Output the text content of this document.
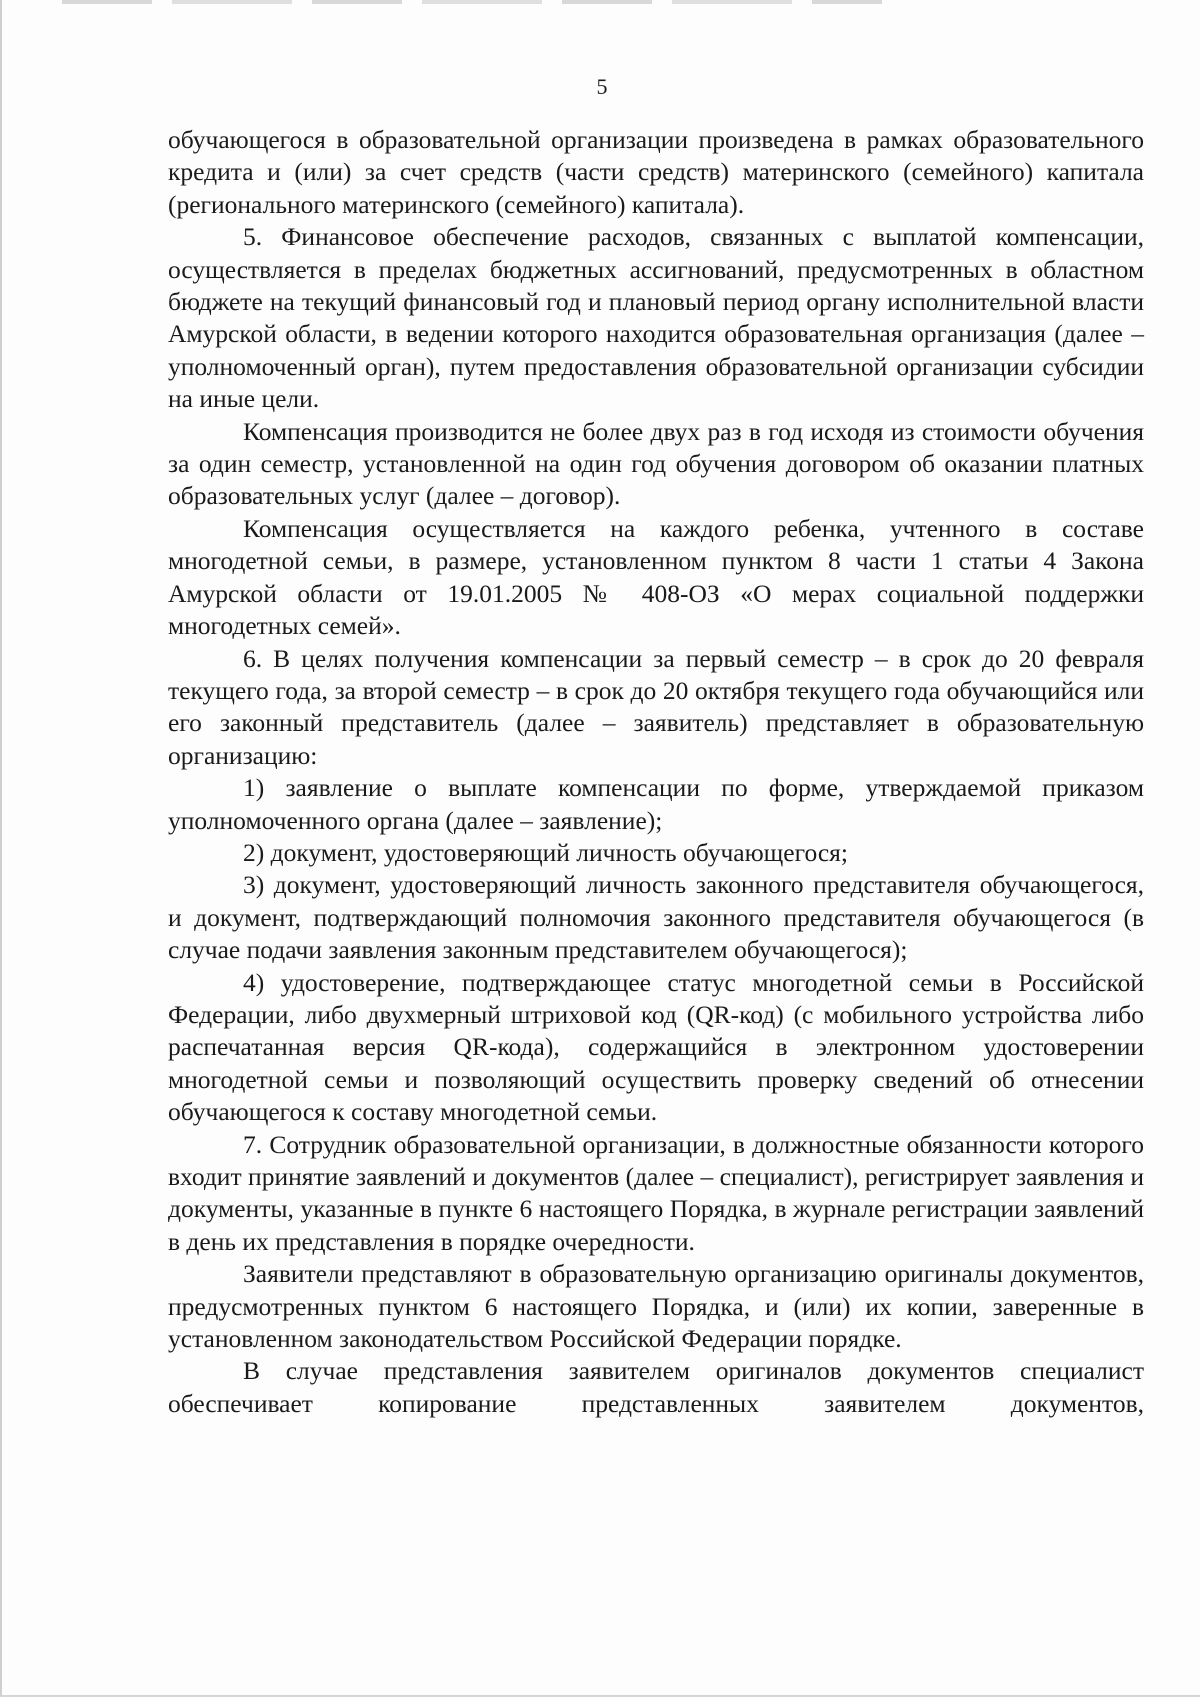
5

обучающегося в образовательной организации произведена в рамках образовательного кредита и (или) за счет средств (части средств) материнского (семейного) капитала (регионального материнского (семейного) капитала).

5. Финансовое обеспечение расходов, связанных с выплатой компенсации, осуществляется в пределах бюджетных ассигнований, предусмотренных в областном бюджете на текущий финансовый год и плановый период органу исполнительной власти Амурской области, в ведении которого находится образовательная организация (далее – уполномоченный орган), путем предоставления образовательной организации субсидии на иные цели.

Компенсация производится не более двух раз в год исходя из стоимости обучения за один семестр, установленной на один год обучения договором об оказании платных образовательных услуг (далее – договор).

Компенсация осуществляется на каждого ребенка, учтенного в составе многодетной семьи, в размере, установленном пунктом 8 части 1 статьи 4 Закона Амурской области от 19.01.2005 № 408-ОЗ «О мерах социальной поддержки многодетных семей».

6. В целях получения компенсации за первый семестр – в срок до 20 февраля текущего года, за второй семестр – в срок до 20 октября текущего года обучающийся или его законный представитель (далее – заявитель) представляет в образовательную организацию:

1) заявление о выплате компенсации по форме, утверждаемой приказом уполномоченного органа (далее – заявление);

2) документ, удостоверяющий личность обучающегося;

3) документ, удостоверяющий личность законного представителя обучающегося, и документ, подтверждающий полномочия законного представителя обучающегося (в случае подачи заявления законным представителем обучающегося);

4) удостоверение, подтверждающее статус многодетной семьи в Российской Федерации, либо двухмерный штриховой код (QR-код) (с мобильного устройства либо распечатанная версия QR-кода), содержащийся в электронном удостоверении многодетной семьи и позволяющий осуществить проверку сведений об отнесении обучающегося к составу многодетной семьи.

7. Сотрудник образовательной организации, в должностные обязанности которого входит принятие заявлений и документов (далее – специалист), регистрирует заявления и документы, указанные в пункте 6 настоящего Порядка, в журнале регистрации заявлений в день их представления в порядке очередности.

Заявители представляют в образовательную организацию оригиналы документов, предусмотренных пунктом 6 настоящего Порядка, и (или) их копии, заверенные в установленном законодательством Российской Федерации порядке.

В случае представления заявителем оригиналов документов специалист обеспечивает копирование представленных заявителем документов,
